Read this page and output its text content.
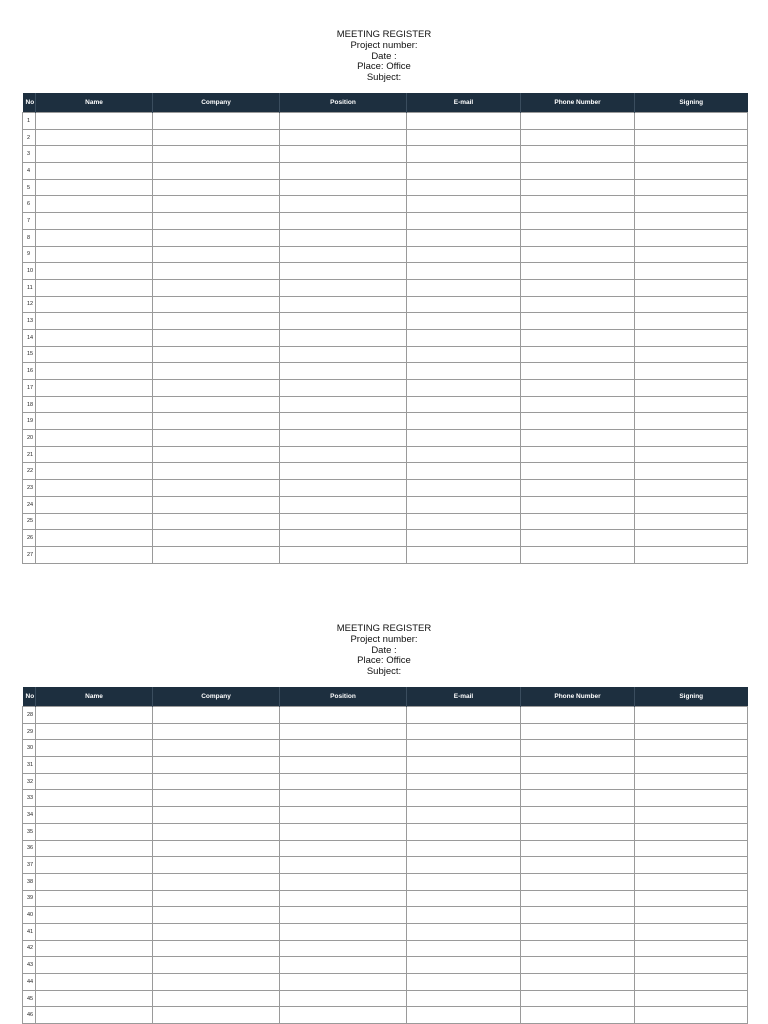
MEETING REGISTER
Project number:
Date :
Place: Office
Subject:
No	Name	Company	Position	E-mail	Phone Number	Signing
1						
2						
3						
4						
5						
6						
7						
8						
9						
10						
11						
12						
13						
14						
15						
16						
17						
18						
19						
20						
21						
22						
23						
24						
25						
26						
27						
MEETING REGISTER
Project number:
Date :
Place: Office
Subject:
No	Name	Company	Position	E-mail	Phone Number	Signing
28						
29						
30						
31						
32						
33						
34						
35						
36						
37						
38						
39						
40						
41						
42						
43						
44						
45						
46						
